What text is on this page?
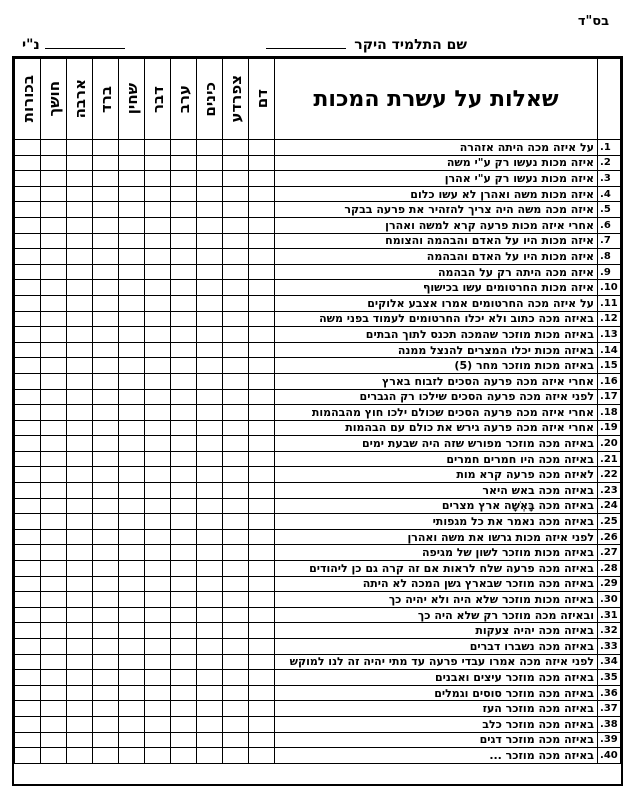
בס"ד
שם התלמיד היקר
נ"י
	שאלות על עשרת המכות	דם	צפרדע	כינים	ערב	דבר	שחין	ברד	ארבה	חושך	בכורות

1.	על איזה מכה היתה אזהרה										
2.	איזה מכות נעשו רק ע"י משה										
3.	איזה מכות נעשו רק ע"י אהרן										
4.	איזה מכות משה ואהרן לא עשו כלום										
5.	איזה מכה משה היה צריך להזהיר את פרעה בבקר										
6.	אחרי איזה מכות פרעה קרא למשה ואהרן										
7.	איזה מכות היו על האדם והבהמה והצומח										
8.	איזה מכות היו על האדם והבהמה										
9.	איזה מכה היתה רק על הבהמה										
10.	איזה מכות החרטומים עשו בכישוף										
11.	על איזה מכה החרטומים אמרו אצבע אלוקים										
12.	באיזה מכה כתוב ולא יכלו החרטומים לעמוד בפני משה										
13.	באיזה מכות מוזכר שהמכה תכנס לתוך הבתים										
14.	באיזה מכות יכלו המצרים להנצל ממנה										
15.	באיזה מכות מוזכר מחר (5)										
16.	אחרי איזה מכה פרעה הסכים לזבוח בארץ										
17.	לפני איזה מכה פרעה הסכים שילכו רק הגברים										
18.	אחרי איזה מכה פרעה הסכים שכולם ילכו חוץ מהבהמות										
19.	אחרי איזה מכה פרעה גירש את כולם עם הבהמות										
20.	באיזה מכה מוזכר מפורש שזה היה שבעת ימים										
21.	באיזה מכה היו חמרים חמרים										
22.	לאיזה מכה פרעה קרא מות										
23.	באיזה מכה באש היאר										
24.	באיזה מכה בָּאְשָׁה ארץ מצרים										
25.	באיזה מכה נאמר את כל מגפותי										
26.	לפני איזה מכות גרשו את משה ואהרן										
27.	באיזה מכות מוזכר לשון של מגיפה										
28.	באיזה מכה פרעה שלח לראות אם זה קרה גם כן ליהודים										
29.	באיזה מכה מוזכר שבארץ גשן המכה לא היתה										
30.	באיזה מכות מוזכר שלא היה ולא יהיה כך										
31.	ובאיזה מכה מוזכר רק שלא היה כך										
32.	באיזה מכה יהיה צעקות										
33.	באיזה מכה נשברו דברים										
34.	לפני איזה מכה אמרו עבדי פרעה עד מתי יהיה זה לנו למוקש										
35.	באיזה מכה מוזכר עיצים ואבנים										
36.	באיזה מכה מוזכר סוסים וגמלים										
37.	באיזה מכה מוזכר העז										
38.	באיזה מכה מוזכר כלב										
39.	באיזה מכה מוזכר דגים										
40.	באיזה מכה מוזכר ...										
